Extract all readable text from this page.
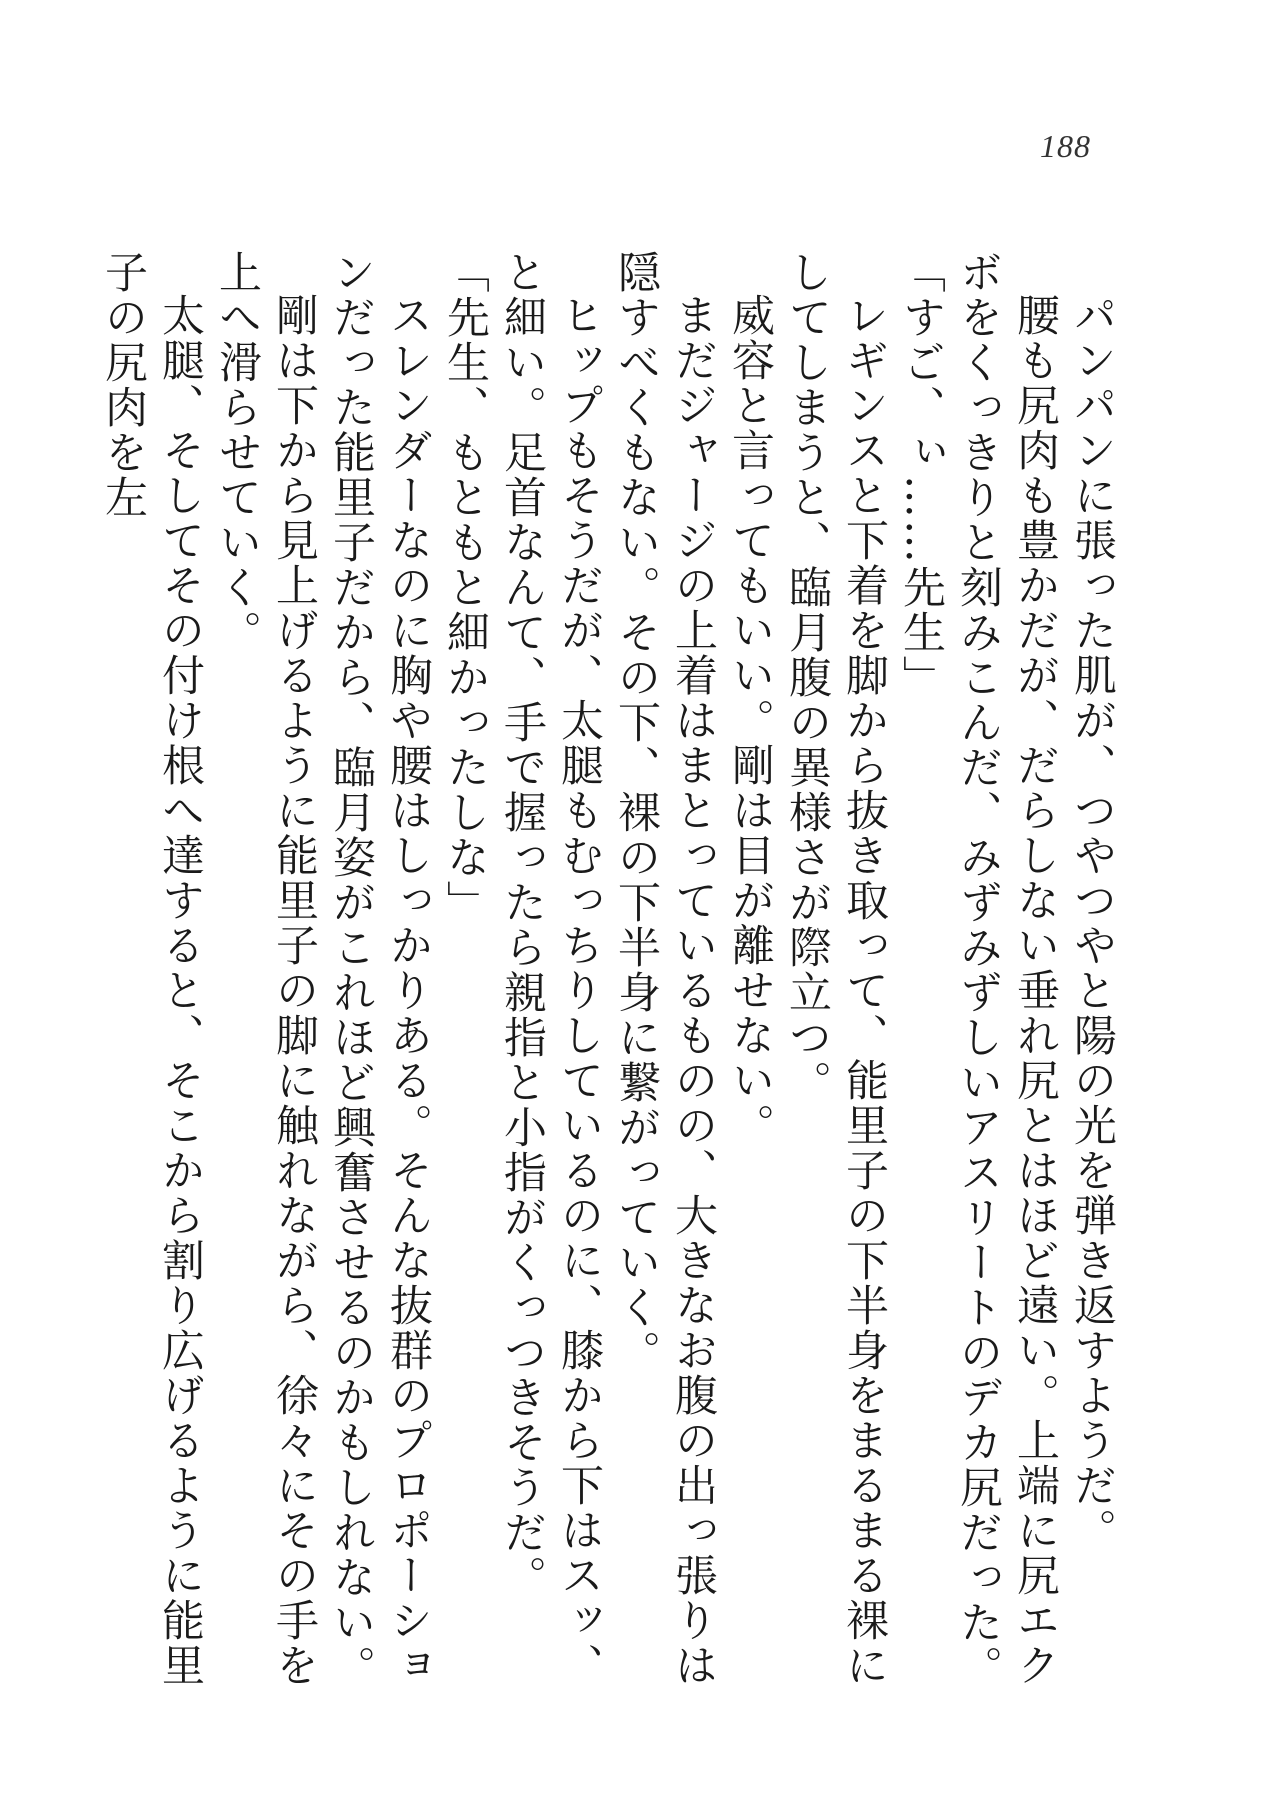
188

パンパンに張った肌が、つやつやと陽の光を弾き返すようだ。

腰も尻肉も豊かだが、だらしない垂れ尻とはほど遠い。上端に尻エクボをくっきりと刻みこんだ、みずみずしいアスリートのデカ尻だった。

「すご、ぃ……先生」

レギンスと下着を脚から抜き取って、能里子の下半身をまるまる裸にしてしまうと、臨月腹の異様さが際立つ。

威容と言ってもいい。剛は目が離せない。

まだジャージの上着はまとっているものの、大きなお腹の出っ張りは隠すべくもない。その下、裸の下半身に繋がっていく。

ヒップもそうだが、太腿もむっちりしているのに、膝から下はスッ、と細い。足首なんて、手で握ったら親指と小指がくっつきそうだ。

「先生、もともと細かったしな」

スレンダーなのに胸や腰はしっかりある。そんな抜群のプロポーションだった能里子だから、臨月姿がこれほど興奮させるのかもしれない。

剛は下から見上げるように能里子の脚に触れながら、徐々にその手を上へ滑らせていく。

太腿、そしてその付け根へ達すると、そこから割り広げるように能里子の尻肉を左
